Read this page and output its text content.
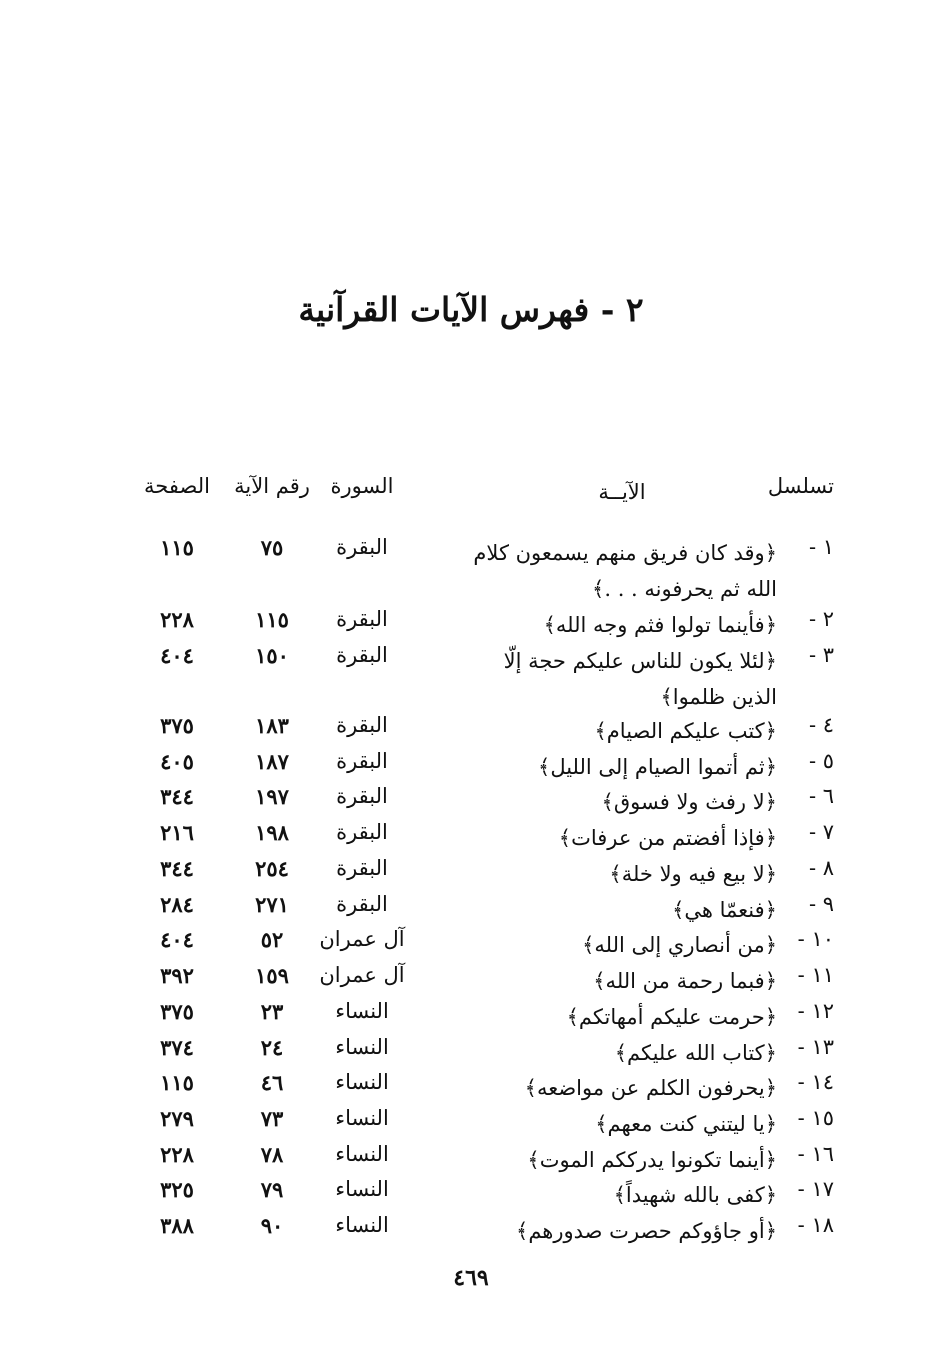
٢ - فهرس الآيات القرآنية
تسلسل
الآيــة
السورة
رقم الآية
الصفحة
١ -
﴿وقد كان فريق منهم يسمعون كلام الله ثم يحرفونه . . .﴾
البقرة
٧٥
١١٥
٢ -
﴿فأينما تولوا فثم وجه الله﴾
البقرة
١١٥
٢٢٨
٣ -
﴿لئلا يكون للناس عليكم حجة إلّا الذين ظلموا﴾
البقرة
١٥٠
٤٠٤
٤ -
﴿كتب عليكم الصيام﴾
البقرة
١٨٣
٣٧٥
٥ -
﴿ثم أتموا الصيام إلى الليل﴾
البقرة
١٨٧
٤٠٥
٦ -
﴿لا رفث ولا فسوق﴾
البقرة
١٩٧
٣٤٤
٧ -
﴿فإذا أفضتم من عرفات﴾
البقرة
١٩٨
٢١٦
٨ -
﴿لا بيع فيه ولا خلة﴾
البقرة
٢٥٤
٣٤٤
٩ -
﴿فنعمّا هي﴾
البقرة
٢٧١
٢٨٤
١٠ -
﴿من أنصاري إلى الله﴾
آل عمران
٥٢
٤٠٤
١١ -
﴿فبما رحمة من الله﴾
آل عمران
١٥٩
٣٩٢
١٢ -
﴿حرمت عليكم أمهاتكم﴾
النساء
٢٣
٣٧٥
١٣ -
﴿كتاب الله عليكم﴾
النساء
٢٤
٣٧٤
١٤ -
﴿يحرفون الكلم عن مواضعه﴾
النساء
٤٦
١١٥
١٥ -
﴿يا ليتني كنت معهم﴾
النساء
٧٣
٢٧٩
١٦ -
﴿أينما تكونوا يدرككم الموت﴾
النساء
٧٨
٢٢٨
١٧ -
﴿كفى بالله شهيداً﴾
النساء
٧٩
٣٢٥
١٨ -
﴿أو جاؤوكم حصرت صدورهم﴾
النساء
٩٠
٣٨٨
٤٦٩
